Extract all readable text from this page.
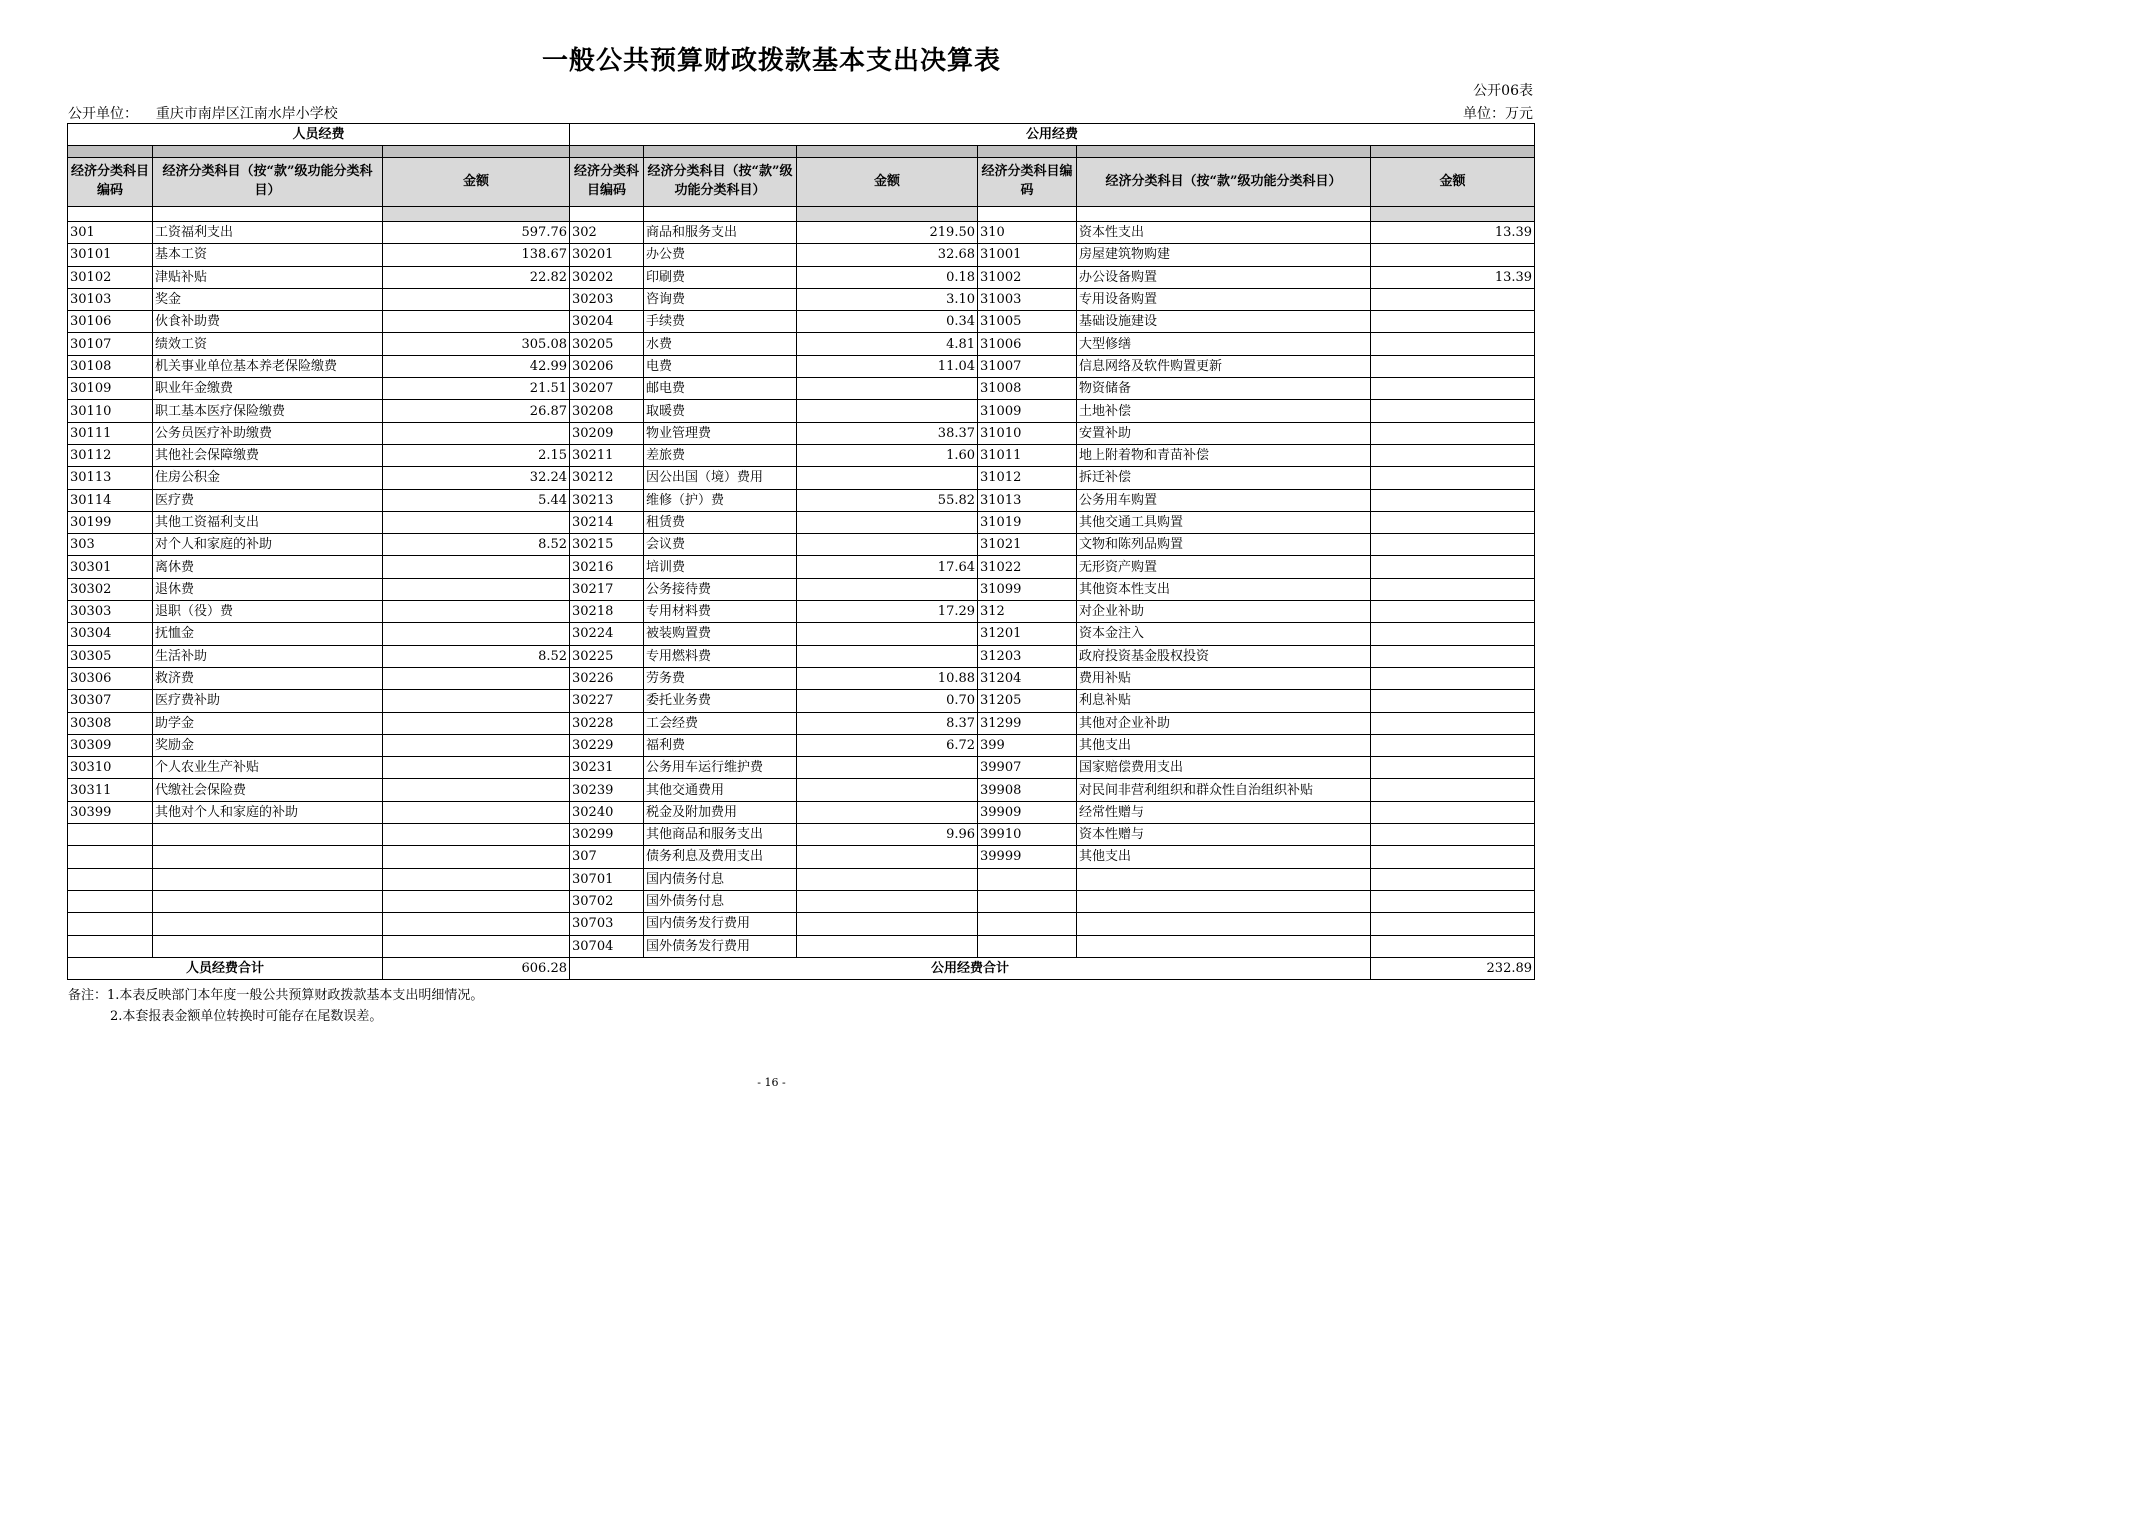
一般公共预算财政拨款基本支出决算表
公开06表
公开单位： 重庆市南岸区江南水岸小学校	单位：万元
人员经费			公用经费					

经济分类科目编码	经济分类科目（按“款”级功能分类科目）	金额	经济分类科目编码	经济分类科目（按“款”级功能分类科目）	金额	经济分类科目编码	经济分类科目（按“款”级功能分类科目）	金额

301	工资福利支出	597.76	302	商品和服务支出	219.50	310	资本性支出	13.39
30101	基本工资	138.67	30201	办公费	32.68	31001	房屋建筑物购建	
30102	津贴补贴	22.82	30202	印刷费	0.18	31002	办公设备购置	13.39
30103	奖金		30203	咨询费	3.10	31003	专用设备购置	
30106	伙食补助费		30204	手续费	0.34	31005	基础设施建设	
30107	绩效工资	305.08	30205	水费	4.81	31006	大型修缮	
30108	机关事业单位基本养老保险缴费	42.99	30206	电费	11.04	31007	信息网络及软件购置更新	
30109	职业年金缴费	21.51	30207	邮电费		31008	物资储备	
30110	职工基本医疗保险缴费	26.87	30208	取暖费		31009	土地补偿	
30111	公务员医疗补助缴费		30209	物业管理费	38.37	31010	安置补助	
30112	其他社会保障缴费	2.15	30211	差旅费	1.60	31011	地上附着物和青苗补偿	
30113	住房公积金	32.24	30212	因公出国（境）费用		31012	拆迁补偿	
30114	医疗费	5.44	30213	维修（护）费	55.82	31013	公务用车购置	
30199	其他工资福利支出		30214	租赁费		31019	其他交通工具购置	
303	对个人和家庭的补助	8.52	30215	会议费		31021	文物和陈列品购置	
30301	离休费		30216	培训费	17.64	31022	无形资产购置	
30302	退休费		30217	公务接待费		31099	其他资本性支出	
30303	退职（役）费		30218	专用材料费	17.29	312	对企业补助	
30304	抚恤金		30224	被装购置费		31201	资本金注入	
30305	生活补助	8.52	30225	专用燃料费		31203	政府投资基金股权投资	
30306	救济费		30226	劳务费	10.88	31204	费用补贴	
30307	医疗费补助		30227	委托业务费	0.70	31205	利息补贴	
30308	助学金		30228	工会经费	8.37	31299	其他对企业补助	
30309	奖励金		30229	福利费	6.72	399	其他支出	
30310	个人农业生产补贴		30231	公务用车运行维护费		39907	国家赔偿费用支出	
30311	代缴社会保险费		30239	其他交通费用		39908	对民间非营利组织和群众性自治组织补贴	
30399	其他对个人和家庭的补助		30240	税金及附加费用		39909	经常性赠与	
			30299	其他商品和服务支出	9.96	39910	资本性赠与	
			307	债务利息及费用支出		39999	其他支出	
			30701	国内债务付息				
			30702	国外债务付息				
			30703	国内债务发行费用				
			30704	国外债务发行费用				
人员经费合计		606.28	公用经费合计					232.89
备注：1.本表反映部门本年度一般公共预算财政拨款基本支出明细情况。
2.本套报表金额单位转换时可能存在尾数误差。
- 16 -
